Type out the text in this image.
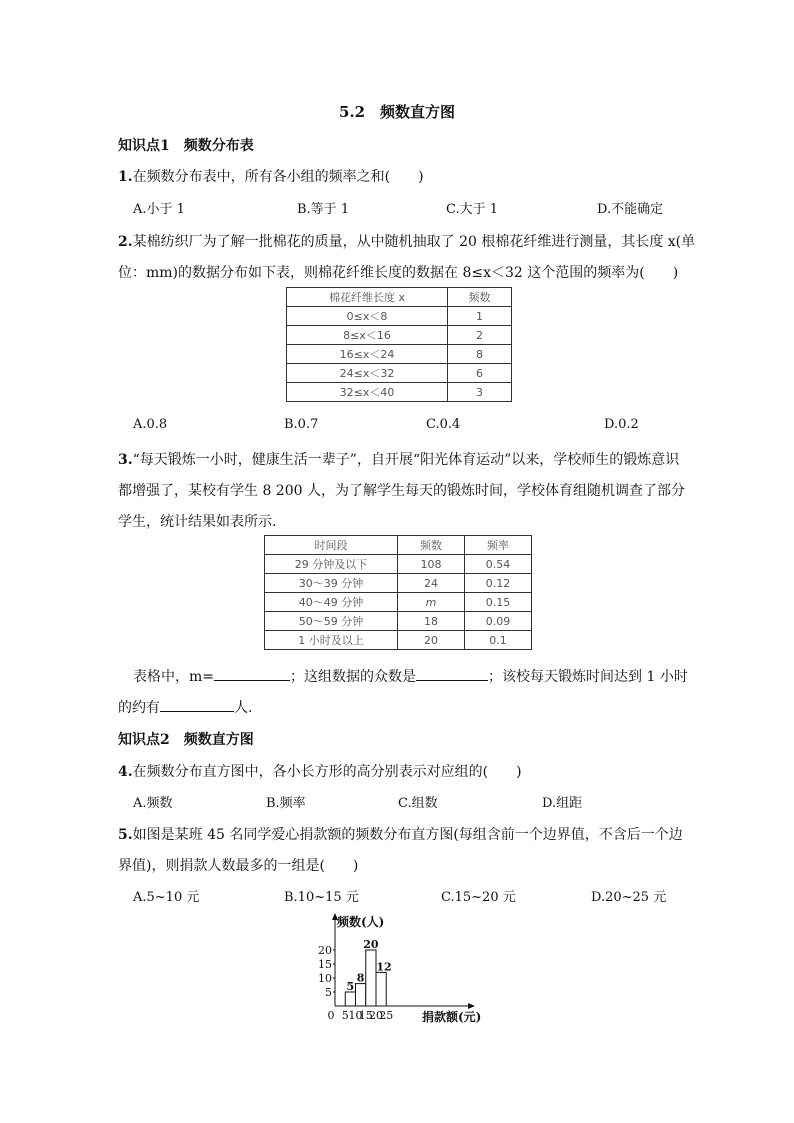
5.2　频数直方图
知识点1　频数分布表
1.在频数分布表中，所有各小组的频率之和(　　)
A.小于 1	B.等于 1	C.大于 1	D.不能确定
2.某棉纺织厂为了解一批棉花的质量，从中随机抽取了 20 根棉花纤维进行测量，其长度 x(单
位：mm)的数据分布如下表，则棉花纤维长度的数据在 8≤x＜32 这个范围的频率为(　　)
棉花纤维长度 x	频数
0≤x＜8	1
8≤x＜16	2
16≤x＜24	8
24≤x＜32	6
32≤x＜40	3
A.0.8	B.0.7	C.0.4	D.0.2
3.“每天锻炼一小时，健康生活一辈子”，自开展“阳光体育运动”以来，学校师生的锻炼意识
都增强了，某校有学生 8 200 人，为了解学生每天的锻炼时间，学校体育组随机调查了部分
学生，统计结果如表所示.
时间段	频数	频率
29 分钟及以下	108	0.54
30～39 分钟	24	0.12
40～49 分钟	m	0.15
50～59 分钟	18	0.09
1 小时及以上	20	0.1
表格中，m=	；这组数据的众数是	；该校每天锻炼时间达到 1 小时
的约有	人.
知识点2　频数直方图
4.在频数分布直方图中，各小长方形的高分别表示对应组的(　　)
A.频数	B.频率	C.组数	D.组距
5.如图是某班 45 名同学爱心捐款额的频数分布直方图(每组含前一个边界值，不含后一个边
界值)，则捐款人数最多的一组是(　　)
A.5~10 元	B.10~15 元	C.15~20 元	D.20~25 元
5
10
15
20
0 5 10
15
20
25
5
8
20
12
频数(人)
捐款额(元)
